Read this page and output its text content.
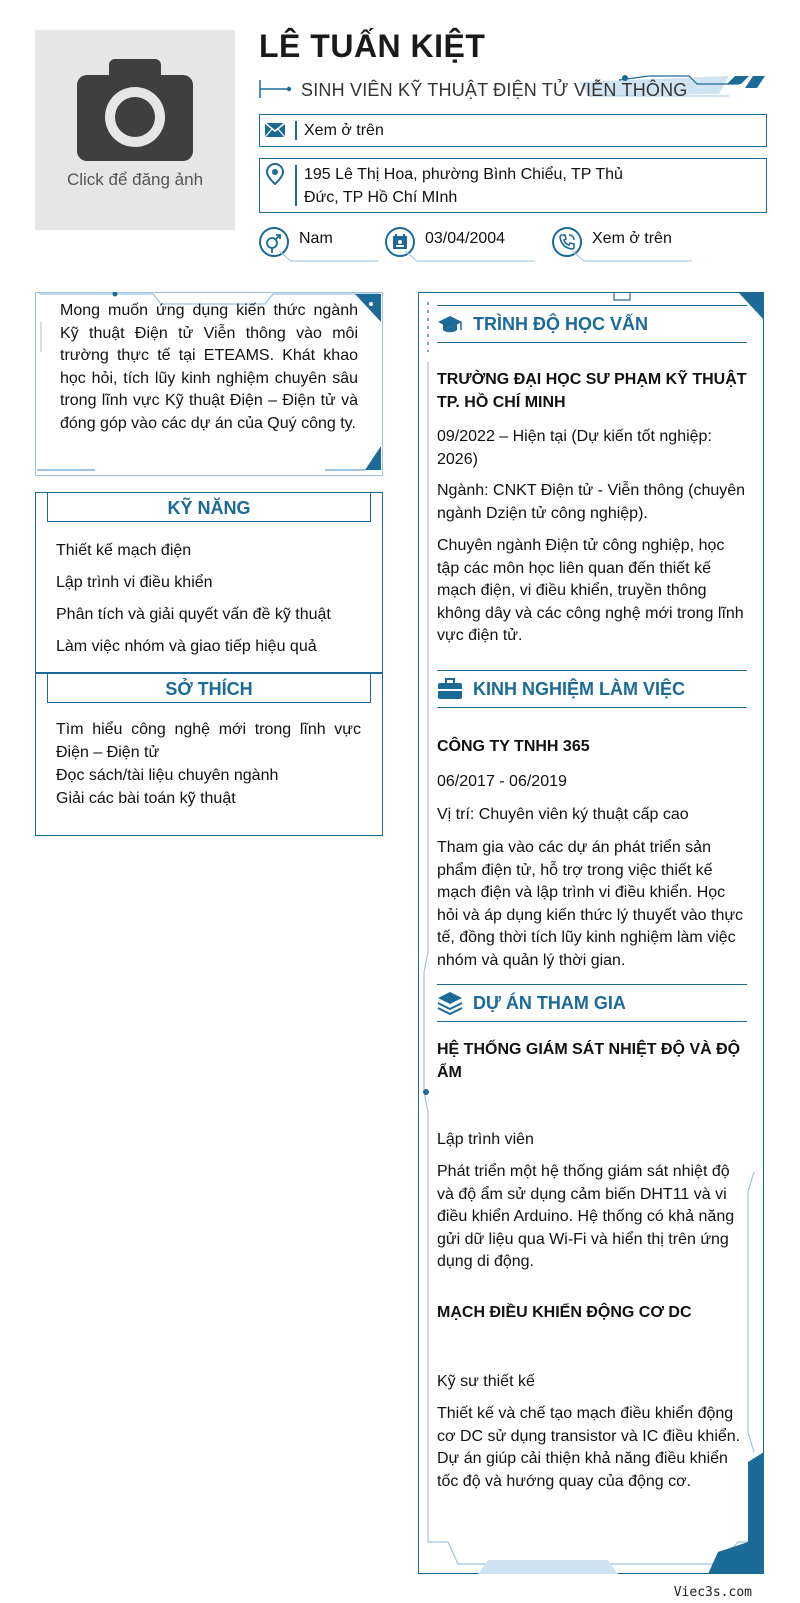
Click để đăng ảnh
LÊ TUẤN KIỆT
SINH VIÊN KỸ THUẬT ĐIỆN TỬ VIỄN THÔNG
Xem ở trên
195 Lê Thị Hoa, phường Bình Chiểu, TP Thủ Đức, TP Hồ Chí MInh
Nam	03/04/2004	Xem ở trên

Mong muốn ứng dụng kiến thức ngành Kỹ thuật Điện tử Viễn thông vào môi trường thực tế tại ETEAMS. Khát khao học hỏi, tích lũy kinh nghiệm chuyên sâu trong lĩnh vực Kỹ thuật Điện – Điện tử và đóng góp vào các dự án của Quý công ty.

KỸ NĂNG
Thiết kế mạch điện
Lập trình vi điều khiển
Phân tích và giải quyết vấn đề kỹ thuật
Làm việc nhóm và giao tiếp hiệu quả
SỞ THÍCH
Tìm hiểu công nghệ mới trong lĩnh vực Điện – Điện tử
Đọc sách/tài liệu chuyên ngành
Giải các bài toán kỹ thuật
TRÌNH ĐỘ HỌC VẤN
TRƯỜNG ĐẠI HỌC SƯ PHẠM KỸ THUẬT TP. HỒ CHÍ MINH
09/2022 – Hiện tại (Dự kiến tốt nghiệp: 2026)
Ngành: CNKT Điện tử - Viễn thông (chuyên ngành Dziện tử công nghiệp).
Chuyên ngành Điện tử công nghiệp, học tập các môn học liên quan đến thiết kế mạch điện, vi điều khiển, truyền thông không dây và các công nghệ mới trong lĩnh vực điện tử.
KINH NGHIỆM LÀM VIỆC
CÔNG TY TNHH 365
06/2017 - 06/2019
Vị trí: Chuyên viên ký thuật cấp cao
Tham gia vào các dự án phát triển sản phẩm điện tử, hỗ trợ trong việc thiết kế mạch điện và lập trình vi điều khiển. Học hỏi và áp dụng kiến thức lý thuyết vào thực tế, đồng thời tích lũy kinh nghiệm làm việc nhóm và quản lý thời gian.
DỰ ÁN THAM GIA
HỆ THỐNG GIÁM SÁT NHIỆT ĐỘ VÀ ĐỘ ẨM
Lập trình viên
Phát triển một hệ thống giám sát nhiệt độ và độ ẩm sử dụng cảm biến DHT11 và vi điều khiển Arduino. Hệ thống có khả năng gửi dữ liệu qua Wi-Fi và hiển thị trên ứng dụng di động.
MẠCH ĐIỀU KHIỂN ĐỘNG CƠ DC
Kỹ sư thiết kế
Thiết kế và chế tạo mạch điều khiển động cơ DC sử dụng transistor và IC điều khiển. Dự án giúp cải thiện khả năng điều khiển tốc độ và hướng quay của động cơ.
Viec3s.com
